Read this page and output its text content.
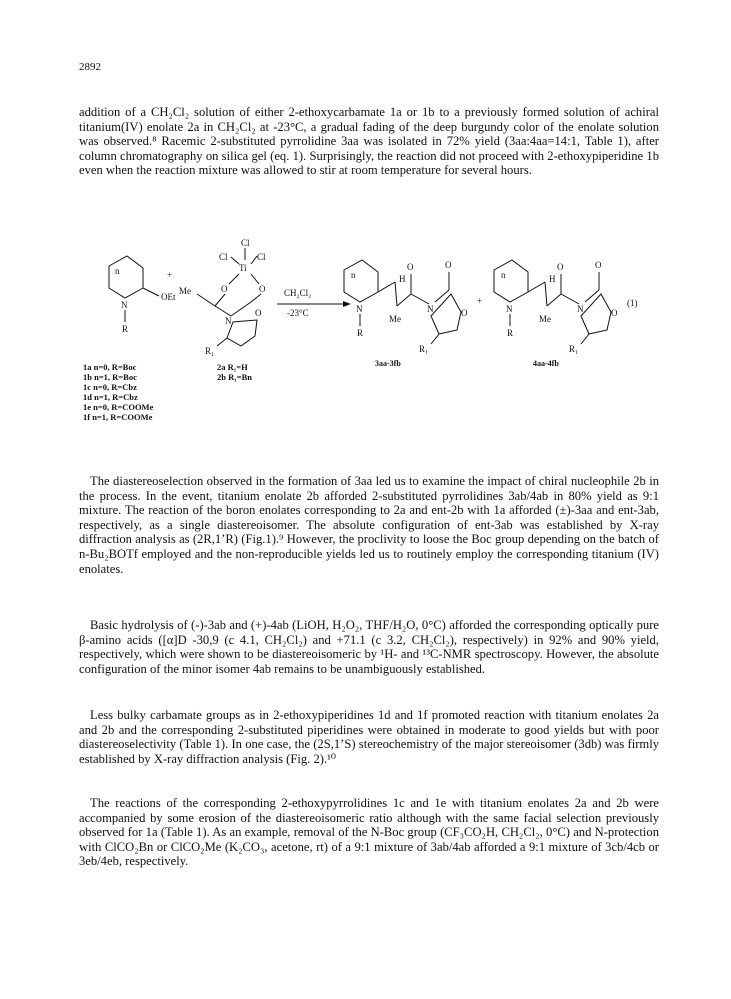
2892
addition of a CH₂Cl₂ solution of either 2-ethoxycarbamate 1a or 1b to a previously formed solution of achiral titanium(IV) enolate 2a in CH₂Cl₂ at -23°C, a gradual fading of the deep burgundy color of the enolate solution was observed.⁸ Racemic 2-substituted pyrrolidine 3aa was isolated in 72% yield (3aa:4aa=14:1, Table 1), after column chromatography on silica gel (eq. 1). Surprisingly, the reaction did not proceed with 2-ethoxypiperidine 1b even when the reaction mixture was allowed to stir at room temperature for several hours.
n
OEt
N
R
+
Cl
Cl	Cl
Ti
O	O
Me
N
O
R₁
CH₂Cl₂
-23°C
n
N
R
H
Me
O
N
O
O
R₁
+
n
N
R
H
Me
O
N
O
O
R₁
(1)
3aa-3fb	4aa-4fb
1a n=0, R=Boc
1b n=1, R=Boc
1c n=0, R=Cbz
1d n=1, R=Cbz
1e n=0, R=COOMe
1f n=1, R=COOMe
2a R₁=H
2b R₁=Bn
The diastereoselection observed in the formation of 3aa led us to examine the impact of chiral nucleophile 2b in the process. In the event, titanium enolate 2b afforded 2-substituted pyrrolidines 3ab/4ab in 80% yield as 9:1 mixture. The reaction of the boron enolates corresponding to 2a and ent-2b with 1a afforded (±)-3aa and ent-3ab, respectively, as a single diastereoisomer. The absolute configuration of ent-3ab was established by X-ray diffraction analysis as (2R,1’R) (Fig.1).⁹ However, the proclivity to loose the Boc group depending on the batch of n-Bu₂BOTf employed and the non-reproducible yields led us to routinely employ the corresponding titanium (IV) enolates.
Basic hydrolysis of (-)-3ab and (+)-4ab (LiOH, H₂O₂, THF/H₂O, 0°C) afforded the corresponding optically pure β-amino acids ([α]D -30,9 (c 4.1, CH₂Cl₂) and +71.1 (c 3.2, CH₂Cl₂), respectively) in 92% and 90% yield, respectively, which were shown to be diastereoisomeric by ¹H- and ¹³C-NMR spectroscopy. However, the absolute configuration of the minor isomer 4ab remains to be unambiguously established.
Less bulky carbamate groups as in 2-ethoxypiperidines 1d and 1f promoted reaction with titanium enolates 2a and 2b and the corresponding 2-substituted piperidines were obtained in moderate to good yields but with poor diastereoselectivity (Table 1). In one case, the (2S,1’S) stereochemistry of the major stereoisomer (3db) was firmly established by X-ray diffraction analysis (Fig. 2).¹⁰
The reactions of the corresponding 2-ethoxypyrrolidines 1c and 1e with titanium enolates 2a and 2b were accompanied by some erosion of the diastereoisomeric ratio although with the same facial selection previously observed for 1a (Table 1). As an example, removal of the N-Boc group (CF₃CO₂H, CH₂Cl₂, 0°C) and N-protection with ClCO₂Bn or ClCO₂Me (K₂CO₃, acetone, rt) of a 9:1 mixture of 3ab/4ab afforded a 9:1 mixture of 3cb/4cb or 3eb/4eb, respectively.
